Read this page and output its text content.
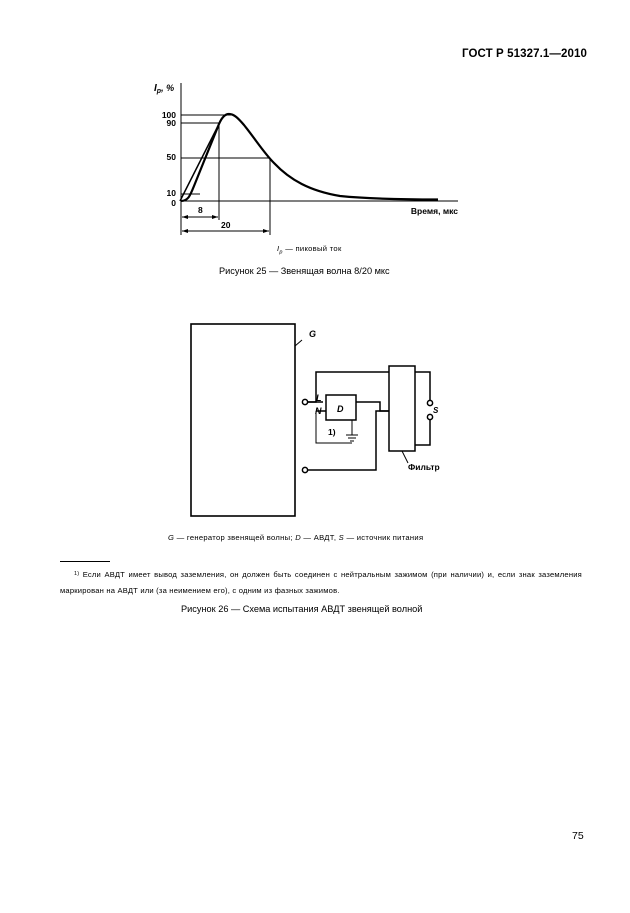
ГОСТ Р 51327.1—2010
$I_p$, %
100
90
50
10
0
8
20
Время, мкс
$I_p$ — пиковый ток
Рисунок 25 — Звенящая волна 8/20 мкс
G
L
N D	S
1)
Фильтр
G — генератор звенящей волны; D — АВДТ, S — источник питания
$^{1)}$ Если АВДТ имеет вывод заземления, он должен быть соединен с нейтральным зажимом (при наличии) и, если знак заземления маркирован на АВДТ или (за неимением его), с одним из фазных зажимов.
Рисунок 26 — Схема испытания АВДТ звенящей волной
75
